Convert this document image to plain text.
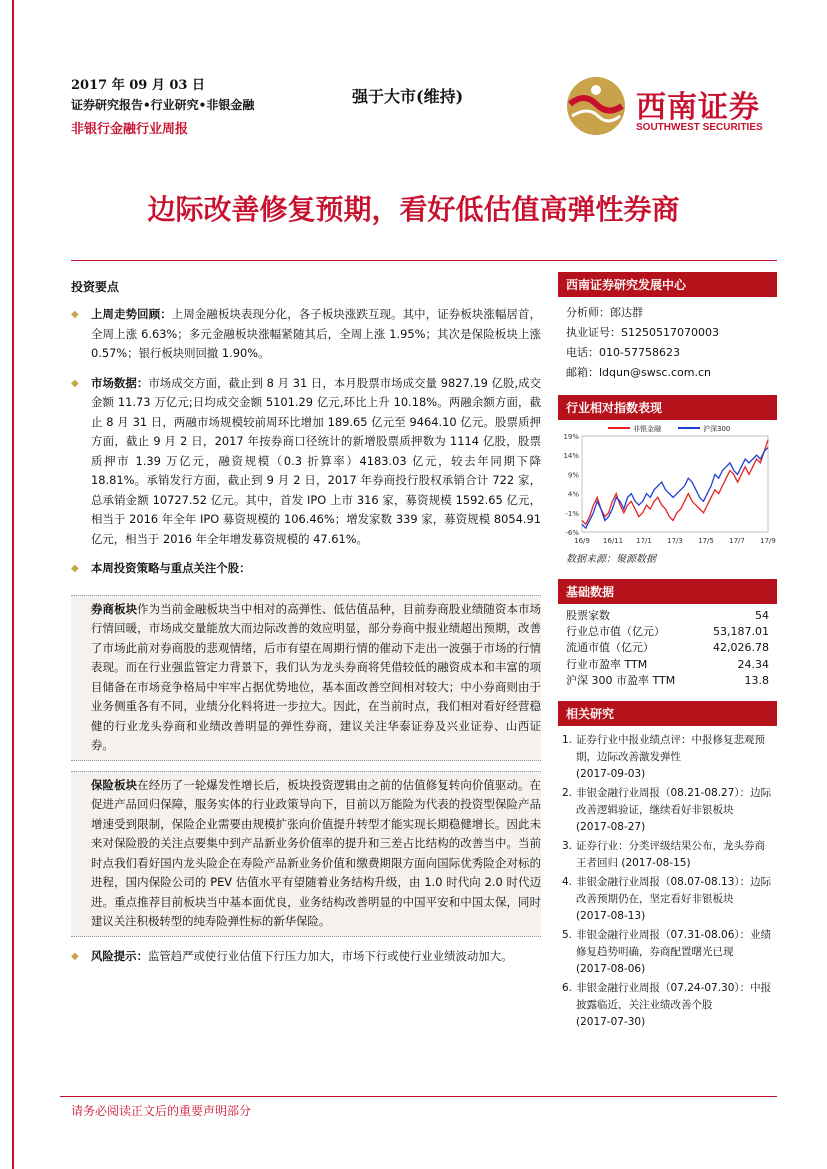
2017 年 09 月 03 日
证券研究报告•行业研究•非银金融
非银行金融行业周报
强于大市(维持)	西南证券
SOUTHWEST SECURITIES
边际改善修复预期，看好低估值高弹性券商
投资要点
◆ 上周走势回顾：上周金融板块表现分化，各子板块涨跌互现。其中，证券板块涨幅居首，全周上涨 6.63%；多元金融板块涨幅紧随其后，全周上涨 1.95%；其次是保险板块上涨 0.57%；银行板块则回撤 1.90%。
◆ 市场数据：市场成交方面，截止到 8 月 31 日，本月股票市场成交量 9827.19 亿股,成交金额 11.73 万亿元;日均成交金额 5101.29 亿元,环比上升 10.18%。两融余额方面，截止 8 月 31 日，两融市场规模较前周环比增加 189.65 亿元至 9464.10 亿元。股票质押方面，截止 9 月 2 日，2017 年按券商口径统计的新增股票质押数为 1114 亿股，股票质押市 1.39 万亿元，融资规模（0.3 折算率）4183.03 亿元，较去年同期下降 18.81%。承销发行方面，截止到 9 月 2 日，2017 年券商投行股权承销合计 722 家，总承销金额 10727.52 亿元。其中，首发 IPO 上市 316 家，募资规模 1592.65 亿元，相当于 2016 年全年 IPO 募资规模的 106.46%；增发家数 339 家，募资规模 8054.91 亿元，相当于 2016 年全年增发募资规模的 47.61%。
◆ 本周投资策略与重点关注个股：
券商板块作为当前金融板块当中相对的高弹性、低估值品种，目前券商股业绩随资本市场行情回暖，市场成交量能放大而边际改善的效应明显，部分券商中报业绩超出预期，改善了市场此前对券商股的悲观情绪，后市有望在周期行情的催动下走出一波强于市场的行情表现。而在行业强监管定力背景下，我们认为龙头券商将凭借较低的融资成本和丰富的项目储备在市场竞争格局中牢牢占据优势地位，基本面改善空间相对较大；中小券商则由于业务侧重各有不同，业绩分化料将进一步拉大。因此，在当前时点，我们相对看好经营稳健的行业龙头券商和业绩改善明显的弹性券商，建议关注华泰证券及兴业证券、山西证券。
保险板块在经历了一轮爆发性增长后，板块投资逻辑由之前的估值修复转向价值驱动。在促进产品回归保障，服务实体的行业政策导向下，目前以万能险为代表的投资型保险产品增速受到限制，保险企业需要由规模扩张向价值提升转型才能实现长期稳健增长。因此未来对保险股的关注点要集中到产品新业务价值率的提升和三差占比结构的改善当中。当前时点我们看好国内龙头险企在寿险产品新业务价值和缴费期限方面向国际优秀险企对标的进程，国内保险公司的 PEV 估值水平有望随着业务结构升级，由 1.0 时代向 2.0 时代迈进。重点推荐目前板块当中基本面优良，业务结构改善明显的中国平安和中国太保，同时建议关注积极转型的纯寿险弹性标的新华保险。
◆ 风险提示：监管趋严或使行业估值下行压力加大，市场下行或使行业业绩波动加大。
西南证券研究发展中心
分析师：郎达群
执业证号：S1250517070003
电话：010-57758623
邮箱：ldqun@swsc.com.cn
行业相对指数表现
19%
14%
9%
4%
-1%
-6%
16/9 16/11 17/1 17/3 17/5 17/7 17/9
非银金融	沪深300
数据来源：聚源数据
基础数据
股票家数	54
行业总市值（亿元）	53,187.01
流通市值（亿元）	42,026.78
行业市盈率 TTM	24.34
沪深 300 市盈率 TTM	13.8
相关研究
1. 证券行业中报业绩点评：中报修复悲观预期，边际改善激发弹性
(2017-09-03)
2. 非银金融行业周报（08.21-08.27）：边际改善逻辑验证，继续看好非银板块
(2017-08-27)
3. 证券行业：分类评级结果公布，龙头券商王者回归 (2017-08-15)
4. 非银金融行业周报（08.07-08.13）：边际改善预期仍在，坚定看好非银板块
(2017-08-13)
5. 非银金融行业周报（07.31-08.06）：业绩修复趋势明确，券商配置曙光已现
(2017-08-06)
6. 非银金融行业周报（07.24-07.30）：中报披露临近，关注业绩改善个股
(2017-07-30)
请务必阅读正文后的重要声明部分
